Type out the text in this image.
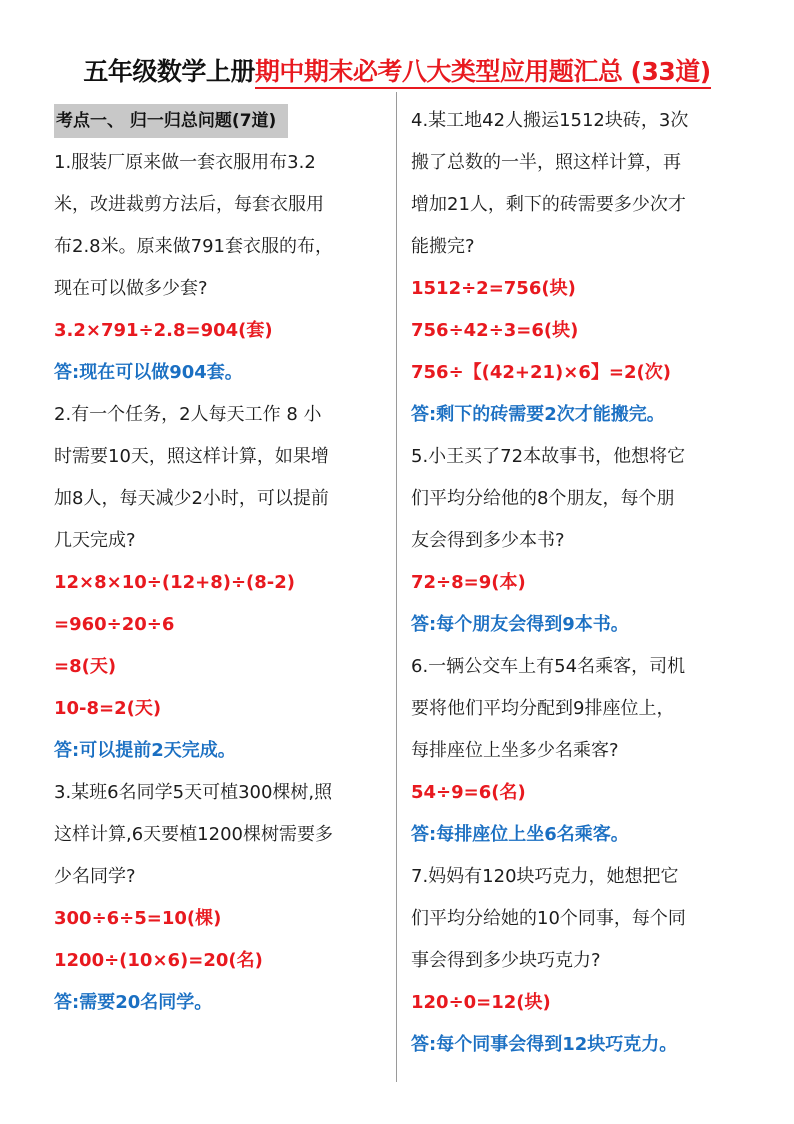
五年级数学上册期中期末必考八大类型应用题汇总 (33道)
考点一、 归一归总问题(7道)
1.服装厂原来做一套衣服用布3.2
米，改进裁剪方法后，每套衣服用
布2.8米。原来做791套衣服的布，
现在可以做多少套?
3.2×791÷2.8=904(套)
答:现在可以做904套。
2.有一个任务，2人每天工作 8 小
时需要10天，照这样计算，如果增
加8人，每天减少2小时，可以提前
几天完成?
12×8×10÷(12+8)÷(8-2)
=960÷20÷6
=8(天)
10-8=2(天)
答:可以提前2天完成。
3.某班6名同学5天可植300棵树,照
这样计算,6天要植1200棵树需要多
少名同学?
300÷6÷5=10(棵)
1200÷(10×6)=20(名)
答:需要20名同学。
4.某工地42人搬运1512块砖，3次
搬了总数的一半，照这样计算，再
增加21人，剩下的砖需要多少次才
能搬完?
1512÷2=756(块)
756÷42÷3=6(块)
756÷【(42+21)×6】=2(次)
答:剩下的砖需要2次才能搬完。
5.小王买了72本故事书，他想将它
们平均分给他的8个朋友，每个朋
友会得到多少本书?
72÷8=9(本)
答:每个朋友会得到9本书。
6.一辆公交车上有54名乘客，司机
要将他们平均分配到9排座位上，
每排座位上坐多少名乘客?
54÷9=6(名)
答:每排座位上坐6名乘客。
7.妈妈有120块巧克力，她想把它
们平均分给她的10个同事，每个同
事会得到多少块巧克力?
120÷0=12(块)
答:每个同事会得到12块巧克力。
